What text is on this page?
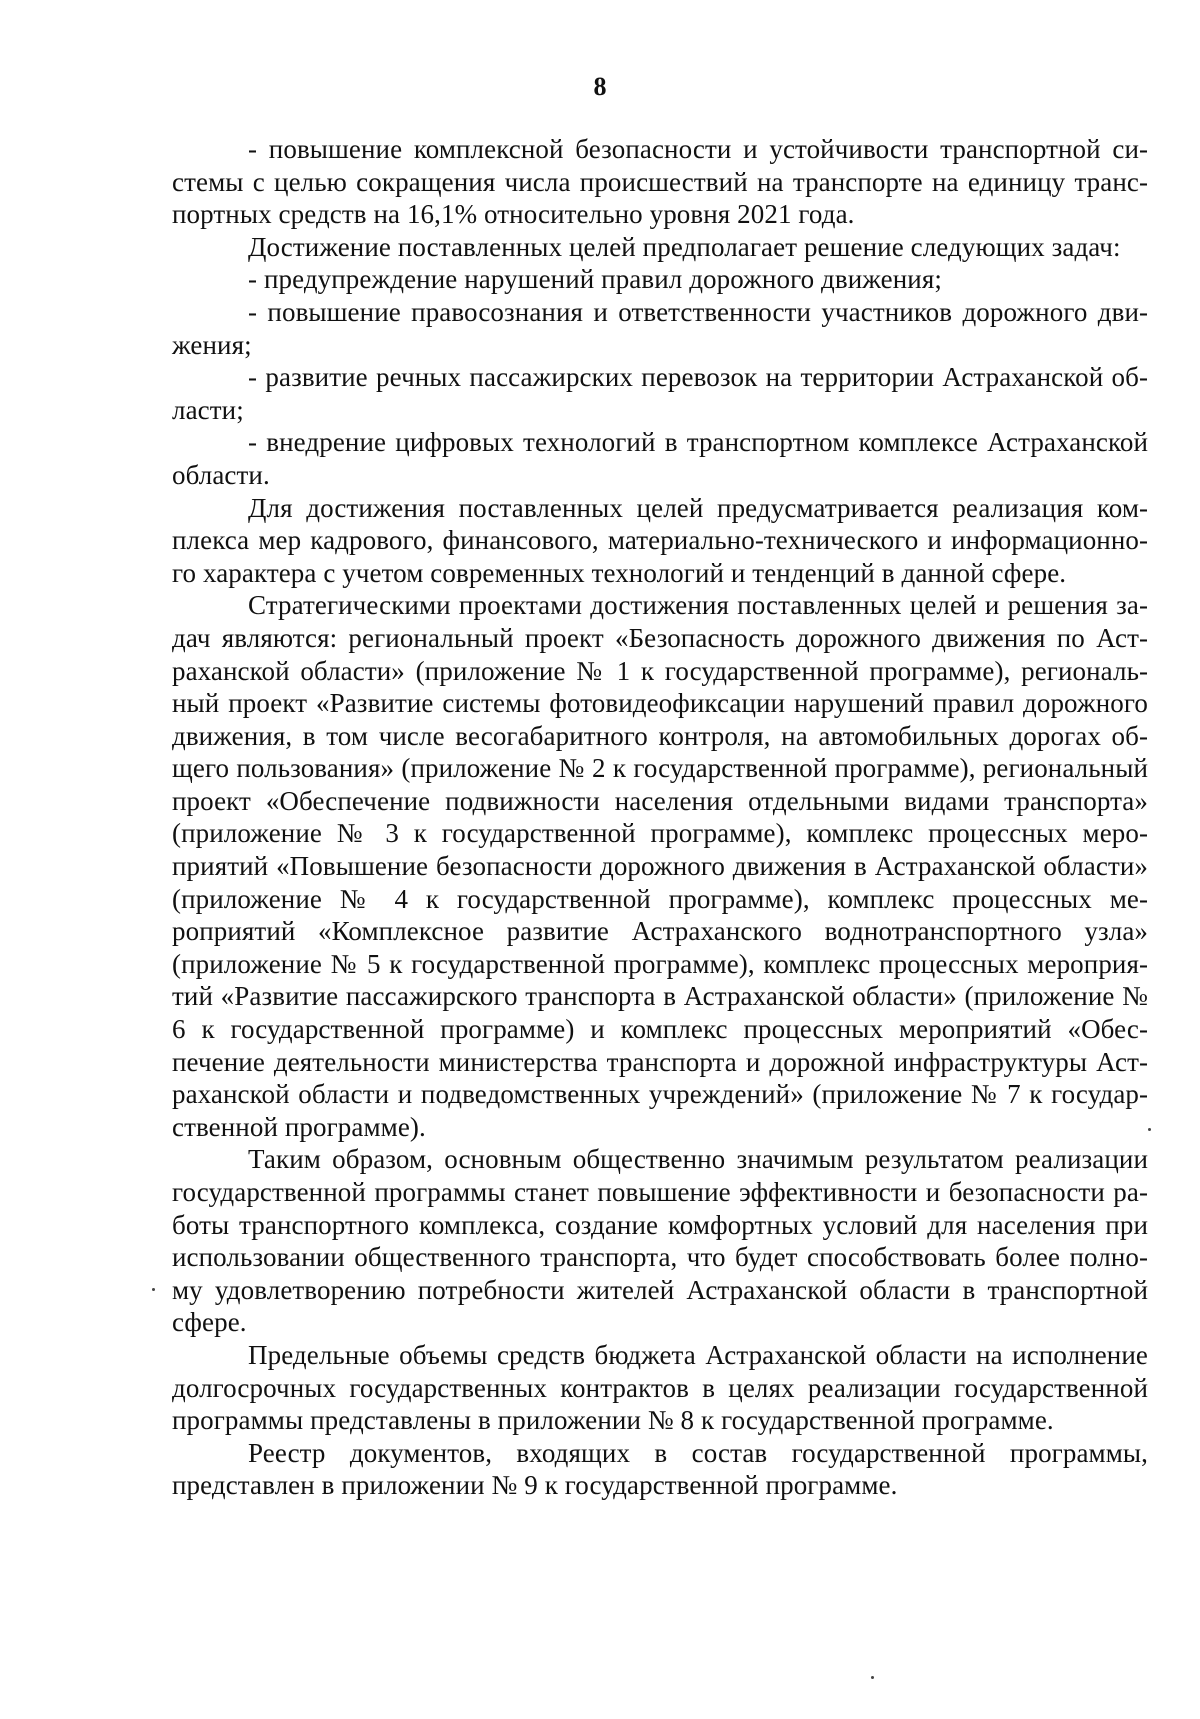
8

- повышение комплексной безопасности и устойчивости транспортной системы с целью сокращения числа происшествий на транспорте на единицу транспортных средств на 16,1% относительно уровня 2021 года.

Достижение поставленных целей предполагает решение следующих задач:

- предупреждение нарушений правил дорожного движения;

- повышение правосознания и ответственности участников дорожного движения;

- развитие речных пассажирских перевозок на территории Астраханской области;

- внедрение цифровых технологий в транспортном комплексе Астраханской области.

Для достижения поставленных целей предусматривается реализация комплекса мер кадрового, финансового, материально-технического и информационного характера с учетом современных технологий и тенденций в данной сфере.

Стратегическими проектами достижения поставленных целей и решения задач являются: региональный проект «Безопасность дорожного движения по Астраханской области» (приложение № 1 к государственной программе), региональный проект «Развитие системы фотовидеофиксации нарушений правил дорожного движения, в том числе весогабаритного контроля, на автомобильных дорогах общего пользования» (приложение № 2 к государственной программе), региональный проект «Обеспечение подвижности населения отдельными видами транспорта» (приложение № 3 к государственной программе), комплекс процессных мероприятий «Повышение безопасности дорожного движения в Астраханской области» (приложение № 4 к государственной программе), комплекс процессных мероприятий «Комплексное развитие Астраханского воднотранспортного узла» (приложение № 5 к государственной программе), комплекс процессных мероприятий «Развитие пассажирского транспорта в Астраханской области» (приложение № 6 к государственной программе) и комплекс процессных мероприятий «Обеспечение деятельности министерства транспорта и дорожной инфраструктуры Астраханской области и подведомственных учреждений» (приложение № 7 к государственной программе).

Таким образом, основным общественно значимым результатом реализации государственной программы станет повышение эффективности и безопасности работы транспортного комплекса, создание комфортных условий для населения при использовании общественного транспорта, что будет способствовать более полному удовлетворению потребности жителей Астраханской области в транспортной сфере.

Предельные объемы средств бюджета Астраханской области на исполнение долгосрочных государственных контрактов в целях реализации государственной программы представлены в приложении № 8 к государственной программе.

Реестр документов, входящих в состав государственной программы, представлен в приложении № 9 к государственной программе.
